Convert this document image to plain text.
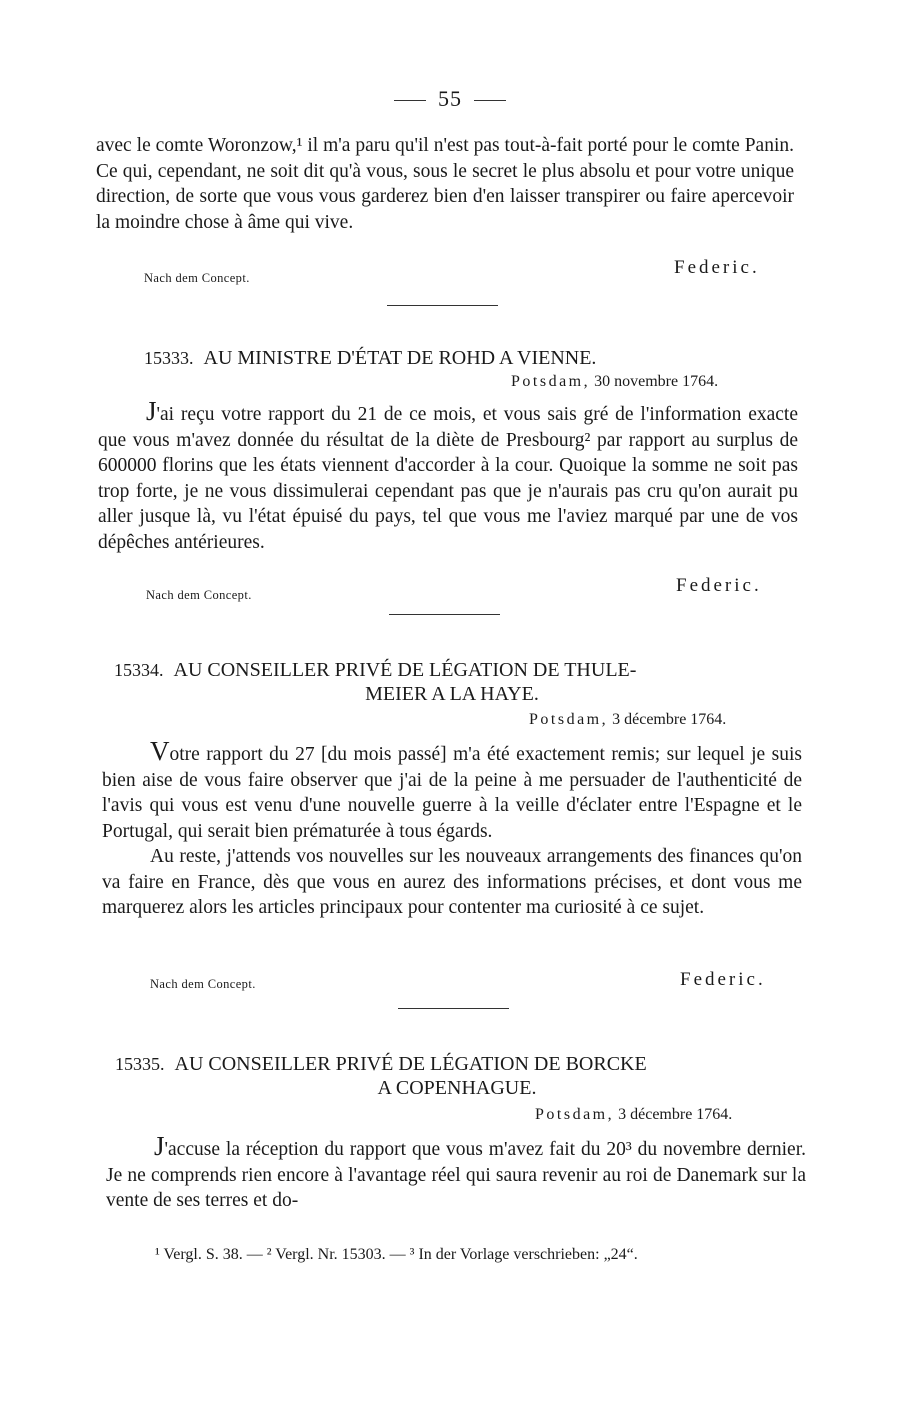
55

avec le comte Woronzow,¹ il m'a paru qu'il n'est pas tout-à-fait porté pour le comte Panin. Ce qui, cependant, ne soit dit qu'à vous, sous le secret le plus absolu et pour votre unique direction, de sorte que vous vous garderez bien d'en laisser transpirer ou faire apercevoir la moindre chose à âme qui vive.

Nach dem Concept.	Federic.
15333. AU MINISTRE D'ÉTAT DE ROHD A VIENNE.
Potsdam, 30 novembre 1764.

J'ai reçu votre rapport du 21 de ce mois, et vous sais gré de l'information exacte que vous m'avez donnée du résultat de la diète de Presbourg² par rapport au surplus de 600000 florins que les états viennent d'accorder à la cour. Quoique la somme ne soit pas trop forte, je ne vous dissimulerai cependant pas que je n'aurais pas cru qu'on aurait pu aller jusque là, vu l'état épuisé du pays, tel que vous me l'aviez marqué par une de vos dépêches antérieures.

Nach dem Concept.	Federic.
15334. AU CONSEILLER PRIVÉ DE LÉGATION DE THULE-
MEIER A LA HAYE.
Potsdam, 3 décembre 1764.

Votre rapport du 27 [du mois passé] m'a été exactement remis; sur lequel je suis bien aise de vous faire observer que j'ai de la peine à me persuader de l'authenticité de l'avis qui vous est venu d'une nouvelle guerre à la veille d'éclater entre l'Espagne et le Portugal, qui serait bien prématurée à tous égards.

Au reste, j'attends vos nouvelles sur les nouveaux arrangements des finances qu'on va faire en France, dès que vous en aurez des informations précises, et dont vous me marquerez alors les articles principaux pour contenter ma curiosité à ce sujet.

Nach dem Concept.	Federic.
15335. AU CONSEILLER PRIVÉ DE LÉGATION DE BORCKE
A COPENHAGUE.
Potsdam, 3 décembre 1764.

J'accuse la réception du rapport que vous m'avez fait du 20³ du novembre dernier. Je ne comprends rien encore à l'avantage réel qui saura revenir au roi de Danemark sur la vente de ses terres et do-

¹ Vergl. S. 38. — ² Vergl. Nr. 15303. — ³ In der Vorlage verschrieben: „24“.
